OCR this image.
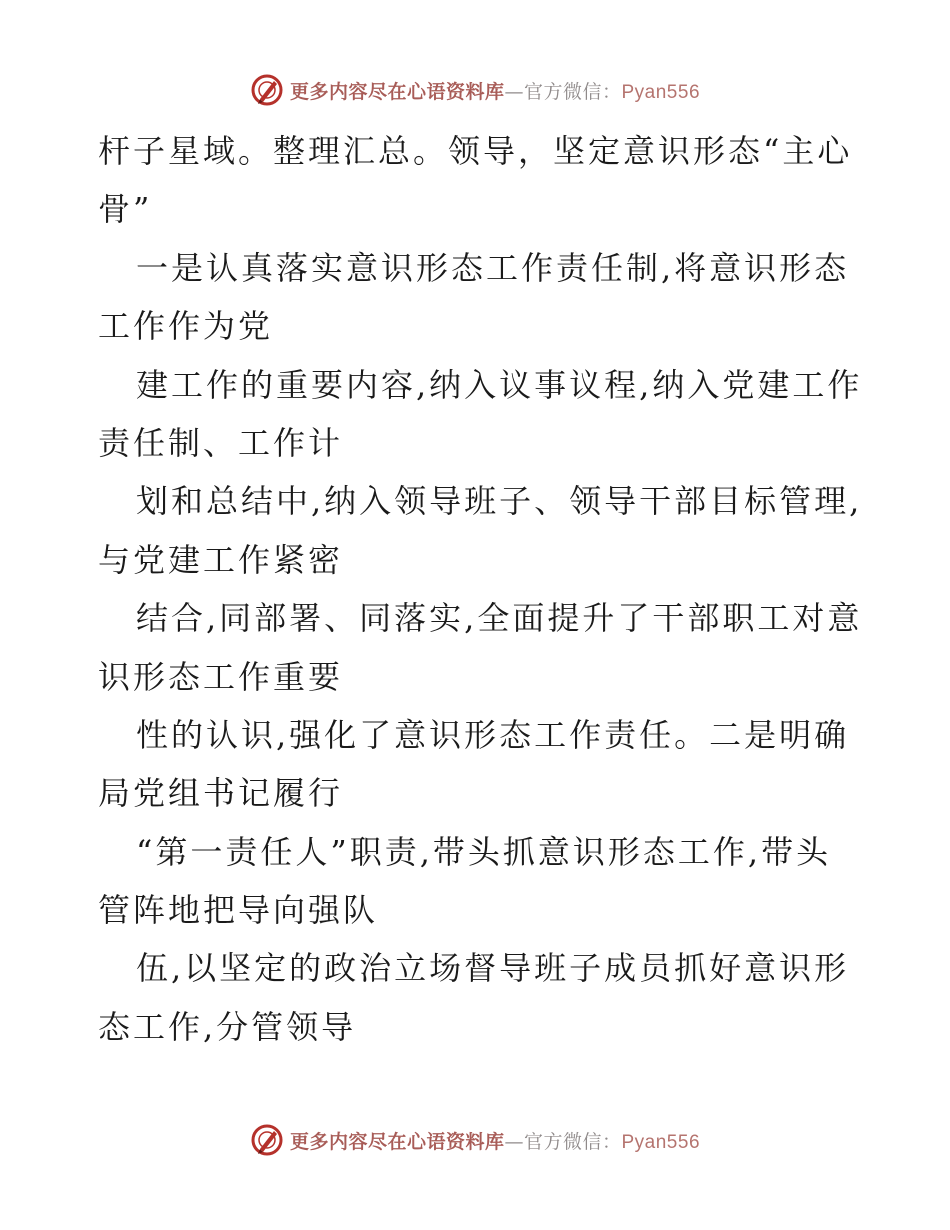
更多内容尽在心语资料库—官方微信：Pyan556
杆子星域。整理汇总。领导，坚定意识形态“主心
骨”
一是认真落实意识形态工作责任制,将意识形态
工作作为党
建工作的重要内容,纳入议事议程,纳入党建工作
责任制、工作计
划和总结中,纳入领导班子、领导干部目标管理,
与党建工作紧密
结合,同部署、同落实,全面提升了干部职工对意
识形态工作重要
性的认识,强化了意识形态工作责任。二是明确
局党组书记履行
“第一责任人”职责,带头抓意识形态工作,带头
管阵地把导向强队
伍,以坚定的政治立场督导班子成员抓好意识形
态工作,分管领导
更多内容尽在心语资料库—官方微信：Pyan556
